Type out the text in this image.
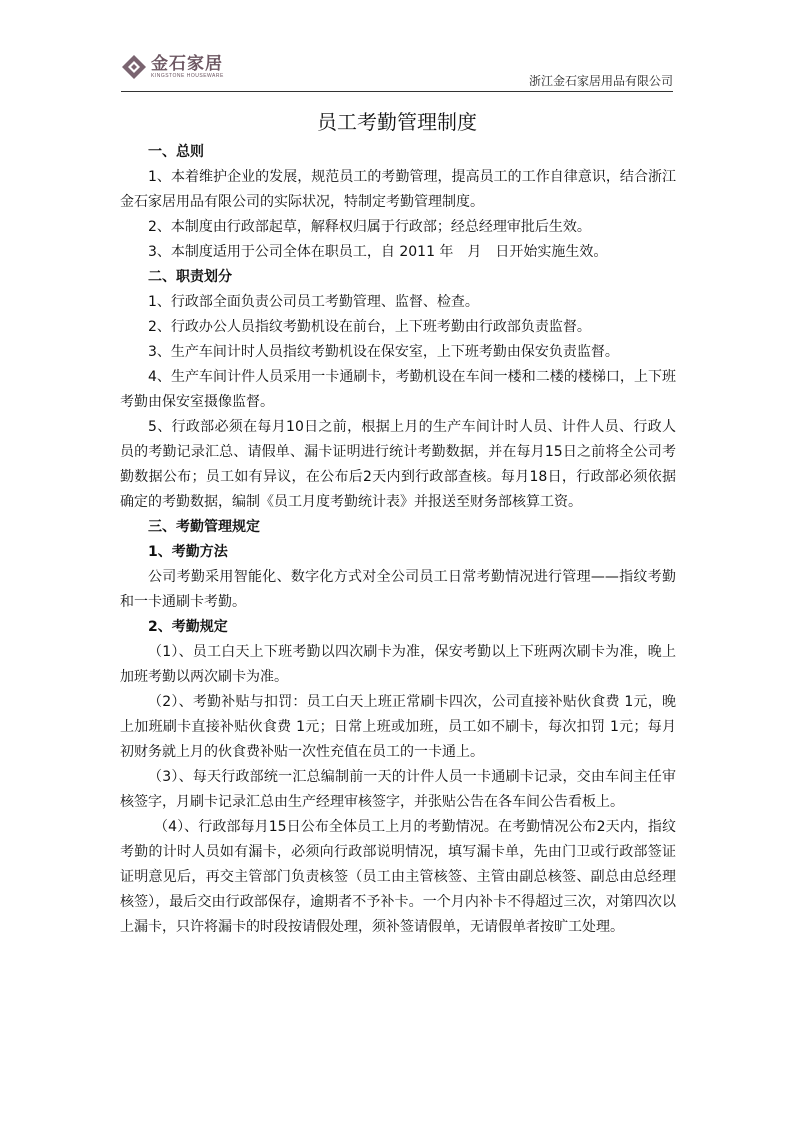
金石家居
KINGSTONE HOUSEWARE	浙江金石家居用品有限公司
员工考勤管理制度
一、总则
1、本着维护企业的发展，规范员工的考勤管理，提高员工的工作自律意识，结合浙江金石家居用品有限公司的实际状况，特制定考勤管理制度。
2、本制度由行政部起草，解释权归属于行政部；经总经理审批后生效。
3、本制度适用于公司全体在职员工，自 2011 年　月　日开始实施生效。
二、职责划分
1、行政部全面负责公司员工考勤管理、监督、检查。
2、行政办公人员指纹考勤机设在前台，上下班考勤由行政部负责监督。
3、生产车间计时人员指纹考勤机设在保安室，上下班考勤由保安负责监督。
4、生产车间计件人员采用一卡通刷卡，考勤机设在车间一楼和二楼的楼梯口，上下班考勤由保安室摄像监督。
5、行政部必须在每月10日之前，根据上月的生产车间计时人员、计件人员、行政人员的考勤记录汇总、请假单、漏卡证明进行统计考勤数据，并在每月15日之前将全公司考勤数据公布；员工如有异议，在公布后2天内到行政部查核。每月18日，行政部必须依据确定的考勤数据，编制《员工月度考勤统计表》并报送至财务部核算工资。
三、考勤管理规定
1、考勤方法
公司考勤采用智能化、数字化方式对全公司员工日常考勤情况进行管理——指纹考勤和一卡通刷卡考勤。
2、考勤规定
（1）、员工白天上下班考勤以四次刷卡为准，保安考勤以上下班两次刷卡为准，晚上加班考勤以两次刷卡为准。
（2）、考勤补贴与扣罚：员工白天上班正常刷卡四次，公司直接补贴伙食费 1元，晚上加班刷卡直接补贴伙食费 1元；日常上班或加班，员工如不刷卡，每次扣罚 1元；每月初财务就上月的伙食费补贴一次性充值在员工的一卡通上。
（3）、每天行政部统一汇总编制前一天的计件人员一卡通刷卡记录，交由车间主任审核签字，月刷卡记录汇总由生产经理审核签字，并张贴公告在各车间公告看板上。
（4）、行政部每月15日公布全体员工上月的考勤情况。在考勤情况公布2天内，指纹考勤的计时人员如有漏卡，必须向行政部说明情况，填写漏卡单，先由门卫或行政部签证证明意见后，再交主管部门负责核签（员工由主管核签、主管由副总核签、副总由总经理核签），最后交由行政部保存，逾期者不予补卡。一个月内补卡不得超过三次，对第四次以上漏卡，只许将漏卡的时段按请假处理，须补签请假单，无请假单者按旷工处理。
